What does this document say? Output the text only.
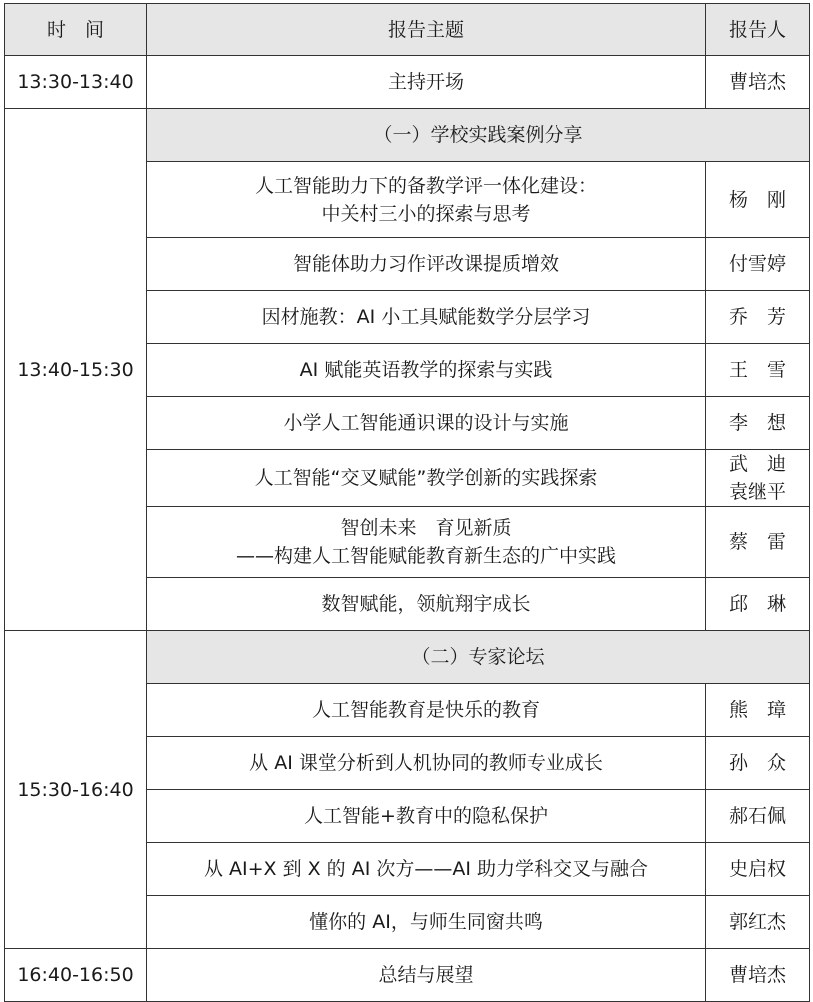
时　间	报告主题	报告人
13:30-13:40	主持开场	曹培杰
13:40-15:30	（一）学校实践案例分享	

	人工智能助力下的备教学评一体化建设：
中关村三小的探索与思考	杨　刚

	智能体助力习作评改课提质增效	付雪婷

	因材施教：AI 小工具赋能数学分层学习	乔　芳

	AI 赋能英语教学的探索与实践	王　雪

	小学人工智能通识课的设计与实施	李　想

	人工智能“交叉赋能”教学创新的实践探索	武　迪
袁继平

	智创未来　育见新质
——构建人工智能赋能教育新生态的广中实践	蔡　雷

	数智赋能，领航翔宇成长	邱　琳

15:30-16:40	（二）专家论坛	

	人工智能教育是快乐的教育	熊　璋

	从 AI 课堂分析到人机协同的教师专业成长	孙　众

	人工智能+教育中的隐私保护	郝石佩

	从 AI+X 到 X 的 AI 次方——AI 助力学科交叉与融合	史启权

	懂你的 AI，与师生同窗共鸣	郭红杰

16:40-16:50	总结与展望	曹培杰
